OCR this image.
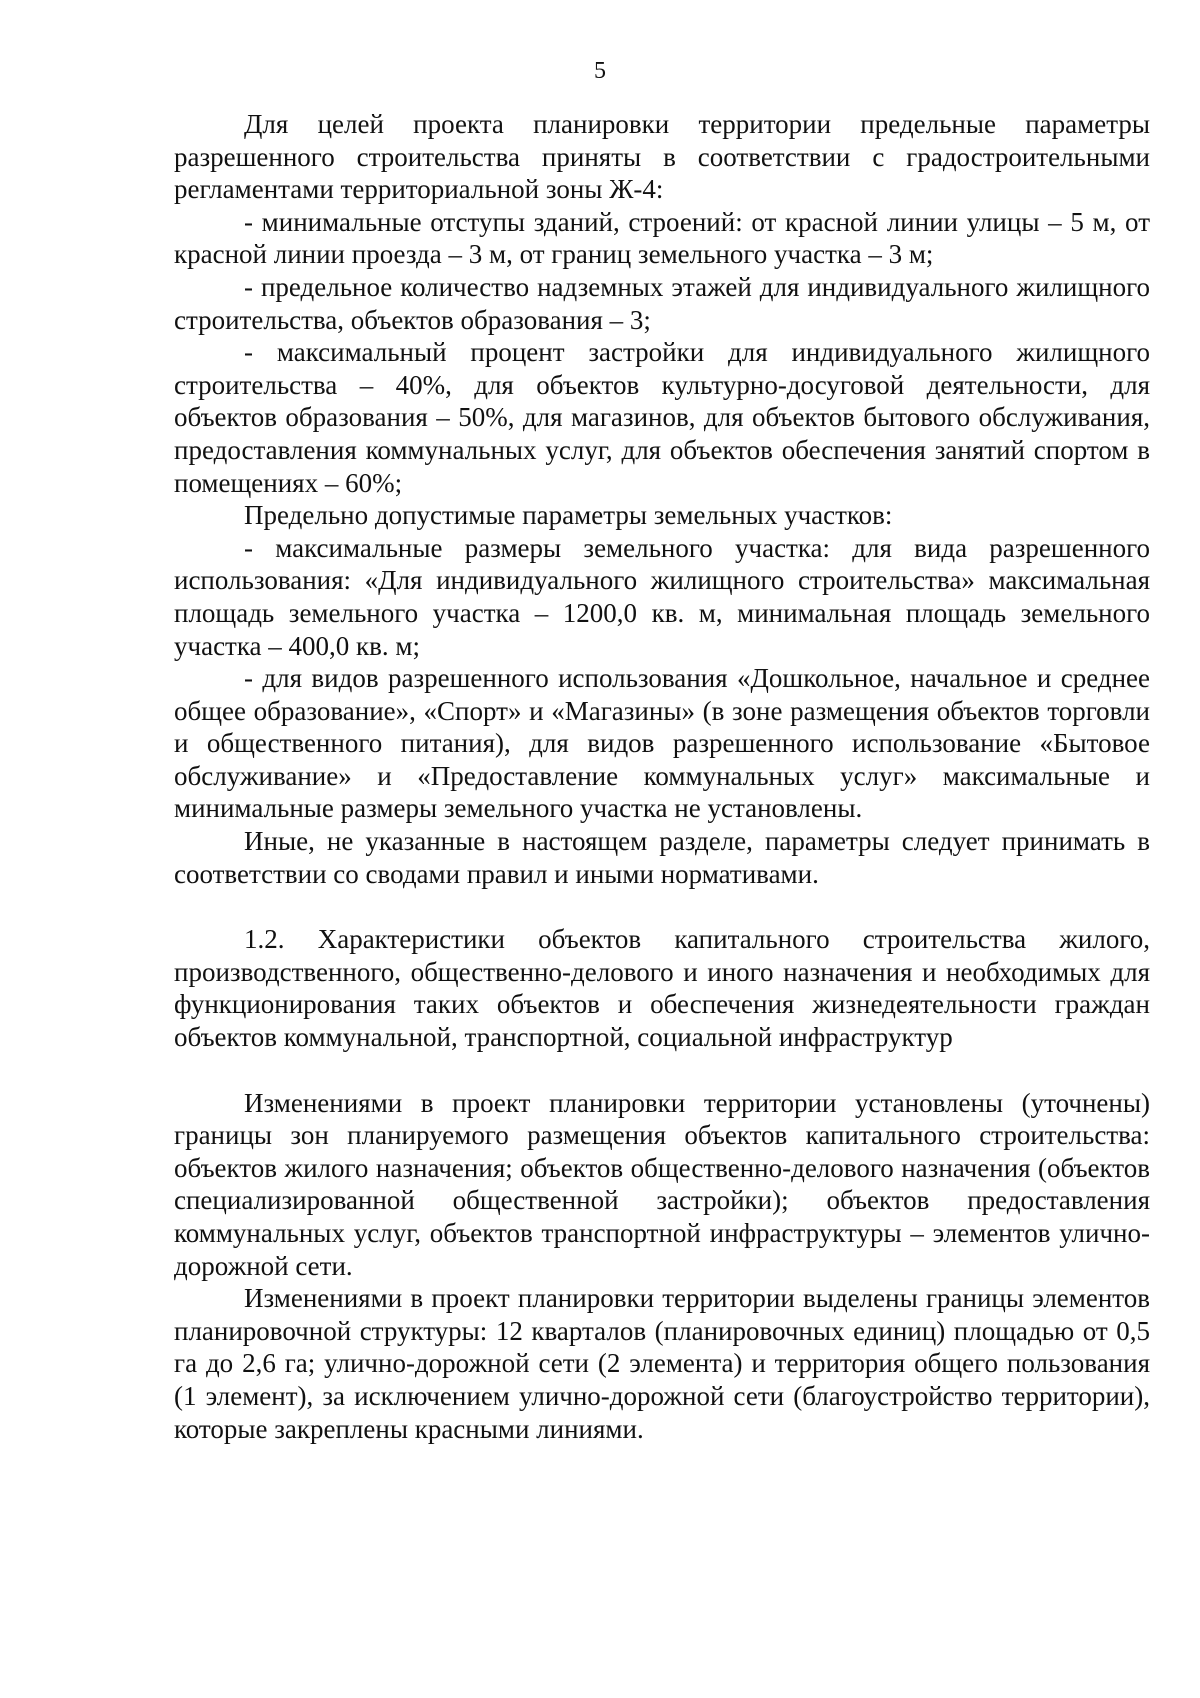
5

Для целей проекта планировки территории предельные параметры разрешенного строительства приняты в соответствии с градостроительными регламентами территориальной зоны Ж-4:

- минимальные отступы зданий, строений: от красной линии улицы – 5 м, от красной линии проезда – 3 м, от границ земельного участка – 3 м;

- предельное количество надземных этажей для индивидуального жилищного строительства, объектов образования – 3;

- максимальный процент застройки для индивидуального жилищного строительства – 40%, для объектов культурно-досуговой деятельности, для объектов образования – 50%, для магазинов, для объектов бытового обслуживания, предоставления коммунальных услуг, для объектов обеспечения занятий спортом в помещениях – 60%;

Предельно допустимые параметры земельных участков:

- максимальные размеры земельного участка: для вида разрешенного использования: «Для индивидуального жилищного строительства» максимальная площадь земельного участка – 1200,0 кв. м, минимальная площадь земельного участка – 400,0 кв. м;

- для видов разрешенного использования «Дошкольное, начальное и среднее общее образование», «Спорт» и «Магазины» (в зоне размещения объектов торговли и общественного питания), для видов разрешенного использование «Бытовое обслуживание» и «Предоставление коммунальных услуг» максимальные и минимальные размеры земельного участка не установлены.

Иные, не указанные в настоящем разделе, параметры следует принимать в соответствии со сводами правил и иными нормативами.

1.2. Характеристики объектов капитального строительства жилого, производственного, общественно-делового и иного назначения и необходимых для функционирования таких объектов и обеспечения жизнедеятельности граждан объектов коммунальной, транспортной, социальной инфраструктур

Изменениями в проект планировки территории установлены (уточнены) границы зон планируемого размещения объектов капитального строительства: объектов жилого назначения; объектов общественно-делового назначения (объектов специализированной общественной застройки); объектов предоставления коммунальных услуг, объектов транспортной инфраструктуры – элементов улично-дорожной сети.

Изменениями в проект планировки территории выделены границы элементов планировочной структуры: 12 кварталов (планировочных единиц) площадью от 0,5 га до 2,6 га; улично-дорожной сети (2 элемента) и территория общего пользования (1 элемент), за исключением улично-дорожной сети (благоустройство территории), которые закреплены красными линиями.
